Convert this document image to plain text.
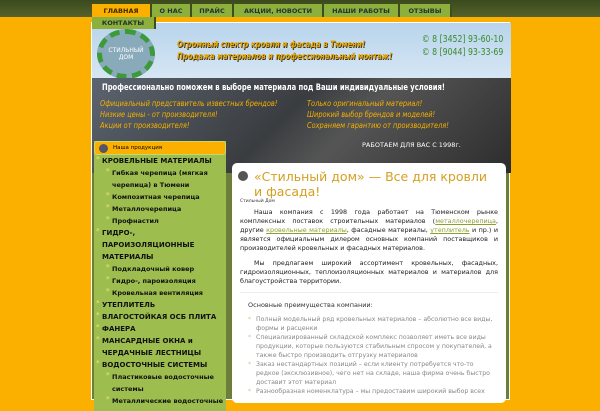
ГЛАВНАЯ	О НАС	ПРАЙС	АКЦИИ, НОВОСТИ	НАШИ РАБОТЫ	ОТЗЫВЫ
КОНТАКТЫ
СТИЛЬНЫЙ ДОМ
Огромный спектр кровли и фасада в Тюмени!
Продажа материалов и профессиональный монтаж!
© 8 [3452] 93-60-10
© 8 [9044] 93-33-69
Профессионально поможем в выборе материала под Ваши индивидуальные условия!
Официальный представитель известных брендов!
Низкие цены - от производителя!
Акции от производителя!
Только оригинальный материал!
Широкий выбор брендов и моделей!
Сохраняем гарантию от производителя!
РАБОТАЕМ ДЛЯ ВАС С 1998г.
Наша продукция
* КРОВЕЛЬНЫЕ МАТЕРИАЛЫ
* Гибкая черепица (мягкая черепица) в Тюмени
* Композитная черепица
* Металлочерепица
* Профнастил
* ГИДРО-, ПАРОИЗОЛЯЦИОННЫЕ МАТЕРИАЛЫ
* Подкладочный ковер
* Гидро-, пароизоляция
* Кровельная вентиляция
* УТЕПЛИТЕЛЬ
* ВЛАГОСТОЙКАЯ ОСБ ПЛИТА
* ФАНЕРА
* МАНСАРДНЫЕ ОКНА и ЧЕРДАЧНЫЕ ЛЕСТНИЦЫ
* ВОДОСТОЧНЫЕ СИСТЕМЫ
* Пластиковые водосточные системы
* Металлические водосточные
«Стильный дом» — Все для кровли и фасада!
Стильный Дом

Наша компания с 1998 года работает на Тюменском рынке комплексных поставок строительных материалов (металлочерепица, другие кровельные материалы, фасадные материалы, утеплитель и пр.) и является официальным дилером основных компаний поставщиков и производителей кровельных и фасадных материалов.

Мы предлагаем широкий ассортимент кровельных, фасадных, гидроизоляционных, теплоизоляционных материалов и материалов для благоустройства территории.

Основные преимущества компании:
* Полный модельный ряд кровельных материалов – абсолютно все виды, формы и расценки
* Специализированный складской комплекс позволяет иметь все виды продукции, которые пользуются стабильным спросом у покупателей, а также быстро производить отгрузку материалов
* Заказ нестандартных позиций – если клиенту потребуется что-то редкое (эксклюзивное), чего нет на складе, наша фирма очень быстро доставит этот материал
* Разнообразная номенклатура – мы предоставим широкий выбор всех
